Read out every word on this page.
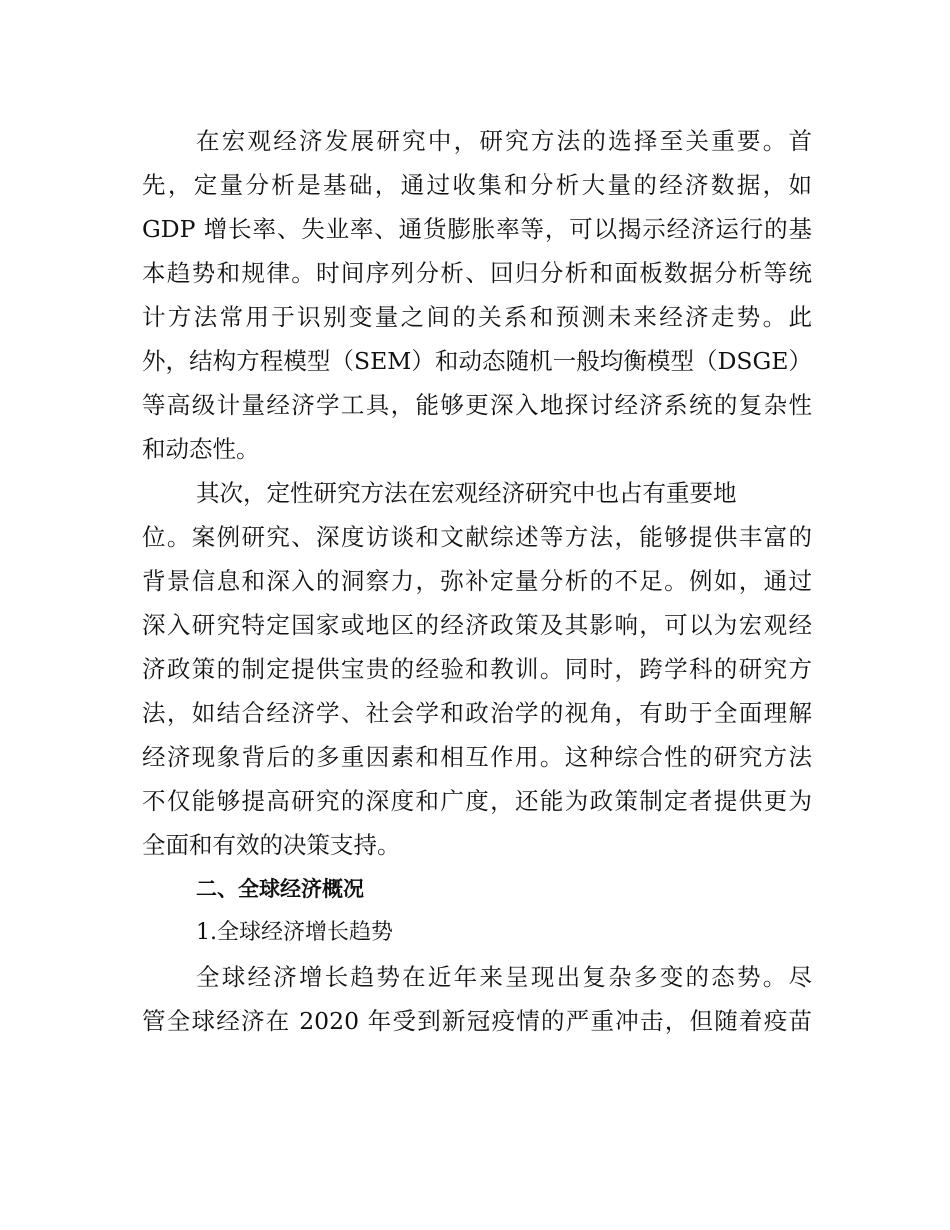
在宏观经济发展研究中，研究方法的选择至关重要。首
先，定量分析是基础，通过收集和分析大量的经济数据，如
GDP 增长率、失业率、通货膨胀率等，可以揭示经济运行的基
本趋势和规律。时间序列分析、回归分析和面板数据分析等统
计方法常用于识别变量之间的关系和预测未来经济走势。此
外，结构方程模型（SEM）和动态随机一般均衡模型（DSGE）
等高级计量经济学工具，能够更深入地探讨经济系统的复杂性
和动态性。
其次，定性研究方法在宏观经济研究中也占有重要地
位。案例研究、深度访谈和文献综述等方法，能够提供丰富的
背景信息和深入的洞察力，弥补定量分析的不足。例如，通过
深入研究特定国家或地区的经济政策及其影响，可以为宏观经
济政策的制定提供宝贵的经验和教训。同时，跨学科的研究方
法，如结合经济学、社会学和政治学的视角，有助于全面理解
经济现象背后的多重因素和相互作用。这种综合性的研究方法
不仅能够提高研究的深度和广度，还能为政策制定者提供更为
全面和有效的决策支持。
二、全球经济概况
1.全球经济增长趋势
全球经济增长趋势在近年来呈现出复杂多变的态势。尽
管全球经济在 2020 年受到新冠疫情的严重冲击，但随着疫苗
